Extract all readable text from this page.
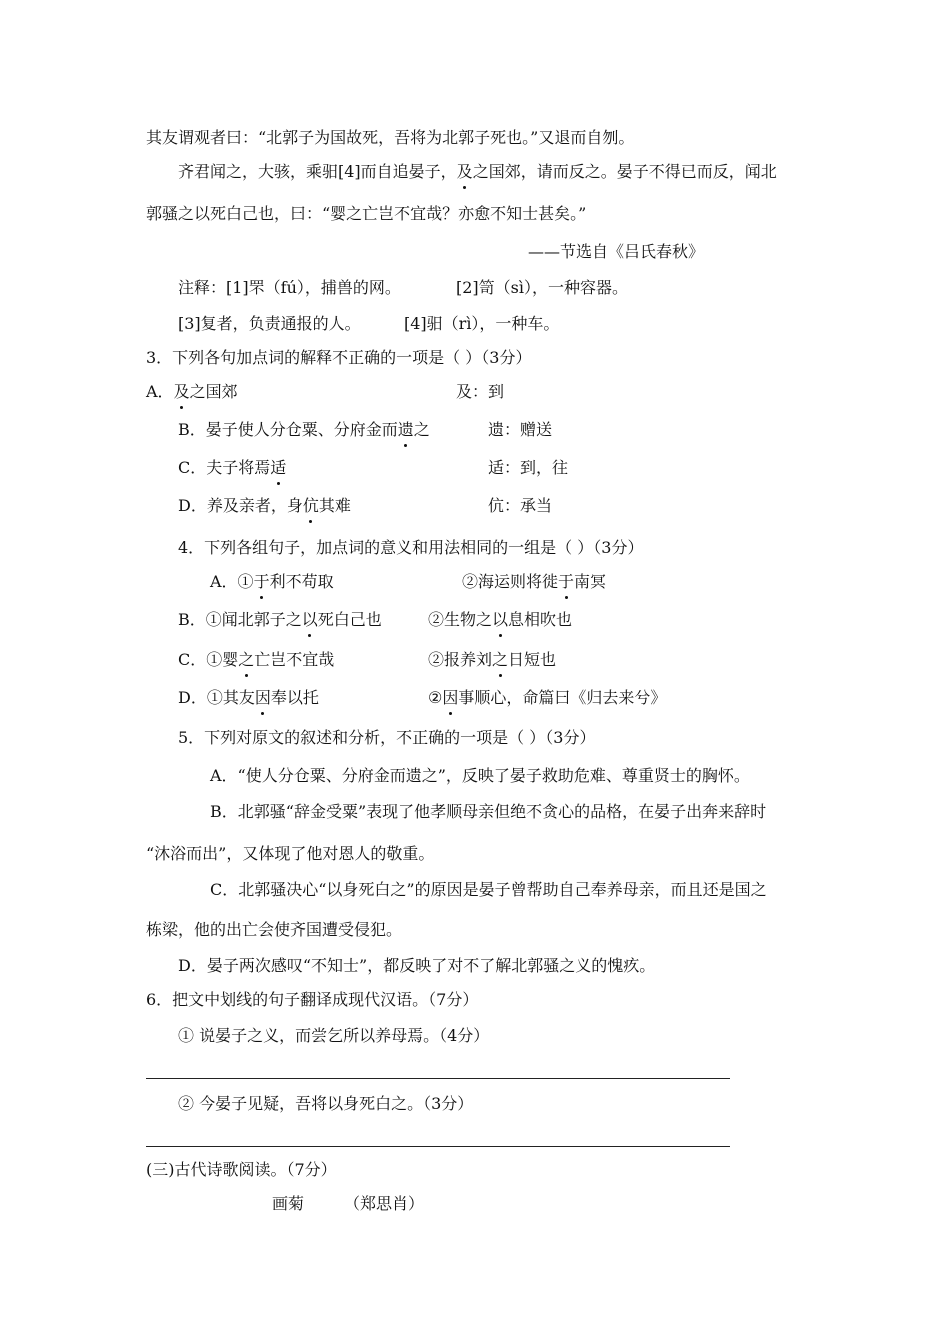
其友谓观者曰：“北郭子为国故死，吾将为北郭子死也。”又退而自刎。
齐君闻之，大骇，乘驲[4]而自追晏子，及之国郊，请而反之。晏子不得已而反，闻北
郭骚之以死白己也，曰：“婴之亡岂不宜哉？亦愈不知士甚矣。”
——节选自《吕氏春秋》
注释：[1]罘（fú），捕兽的网。	[2]笥（sì），一种容器。
[3]复者，负责通报的人。	[4]驲（rì），一种车。
3．下列各句加点词的解释不正确的一项是（ ）（3分）
A．及之国郊	及：到
B．晏子使人分仓粟、分府金而遗之	遗：赠送
C．夫子将焉适	适：到，往
D．养及亲者，身伉其难	伉：承当
4．下列各组句子，加点词的意义和用法相同的一组是（ ）（3分）
A．①于利不苟取	②海运则将徙于南冥
B．①闻北郭子之以死白己也	②生物之以息相吹也
C．①婴之亡岂不宜哉	②报养刘之日短也
D．①其友因奉以托	②因事顺心，命篇曰《归去来兮》
5．下列对原文的叙述和分析，不正确的一项是（ ）（3分）
A．“使人分仓粟、分府金而遗之”，反映了晏子救助危难、尊重贤士的胸怀。
B．北郭骚“辞金受粟”表现了他孝顺母亲但绝不贪心的品格，在晏子出奔来辞时
“沐浴而出”，又体现了他对恩人的敬重。
C．北郭骚决心“以身死白之”的原因是晏子曾帮助自己奉养母亲，而且还是国之
栋梁，他的出亡会使齐国遭受侵犯。
D．晏子两次感叹“不知士”，都反映了对不了解北郭骚之义的愧疚。
6．把文中划线的句子翻译成现代汉语。（7分）
① 说晏子之义，而尝乞所以养母焉。（4分）
② 今晏子见疑，吾将以身死白之。（3分）
(三)古代诗歌阅读。（7分）
画菊 （郑思肖）
